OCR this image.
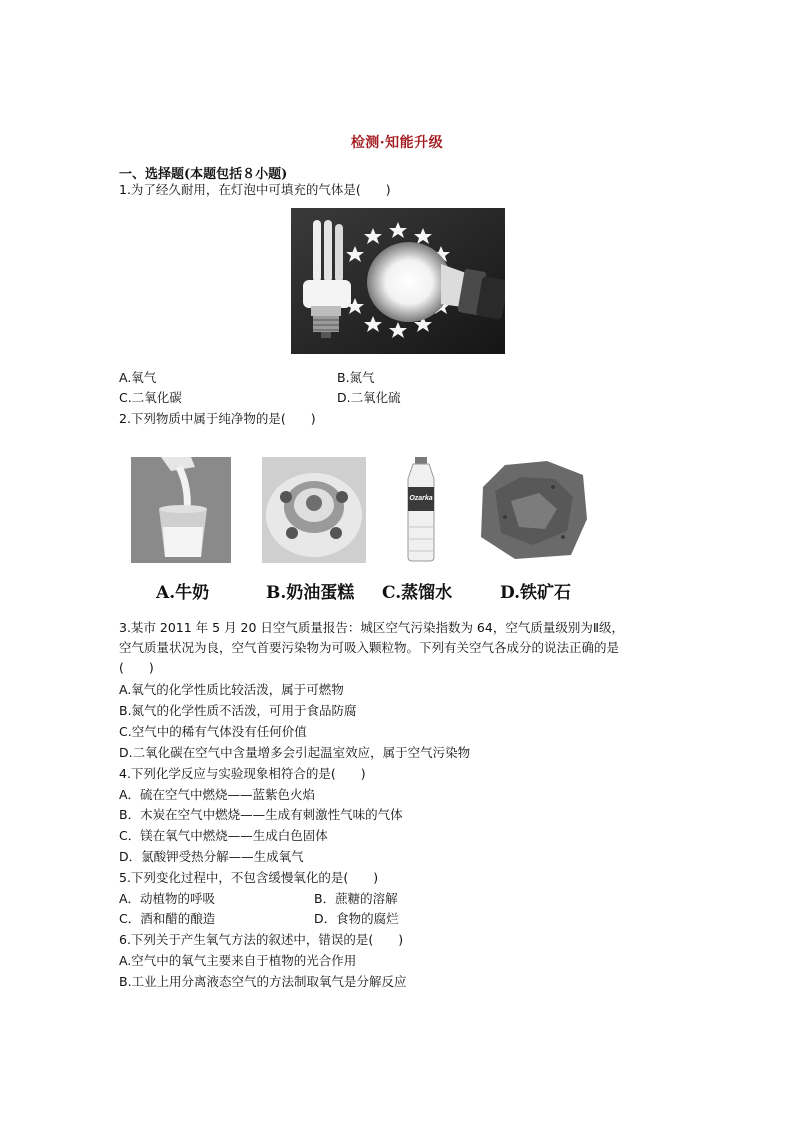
检测·知能升级
一、选择题(本题包括８小题)
1.为了经久耐用，在灯泡中可填充的气体是(　　)
A.氧气	B.氮气
C.二氧化碳	D.二氧化硫
2.下列物质中属于纯净物的是(　　)
Ozarka
A.牛奶	B.奶油蛋糕 C.蒸馏水	D.铁矿石
3.某市 2011 年 5 月 20 日空气质量报告：城区空气污染指数为 64，空气质量级别为Ⅱ级，
空气质量状况为良，空气首要污染物为可吸入颗粒物。下列有关空气各成分的说法正确的是
(　　)
A.氧气的化学性质比较活泼，属于可燃物
B.氮气的化学性质不活泼，可用于食品防腐
C.空气中的稀有气体没有任何价值
D.二氧化碳在空气中含量增多会引起温室效应，属于空气污染物
4.下列化学反应与实验现象相符合的是(　　)
A．硫在空气中燃烧——蓝紫色火焰
B．木炭在空气中燃烧——生成有刺激性气味的气体
C．镁在氧气中燃烧——生成白色固体
D．氯酸钾受热分解——生成氧气
5.下列变化过程中，不包含缓慢氧化的是(　　)
A．动植物的呼吸	B．蔗糖的溶解
C．酒和醋的酿造	D．食物的腐烂
6.下列关于产生氧气方法的叙述中，错误的是(　　)
A.空气中的氧气主要来自于植物的光合作用
B.工业上用分离液态空气的方法制取氧气是分解反应
